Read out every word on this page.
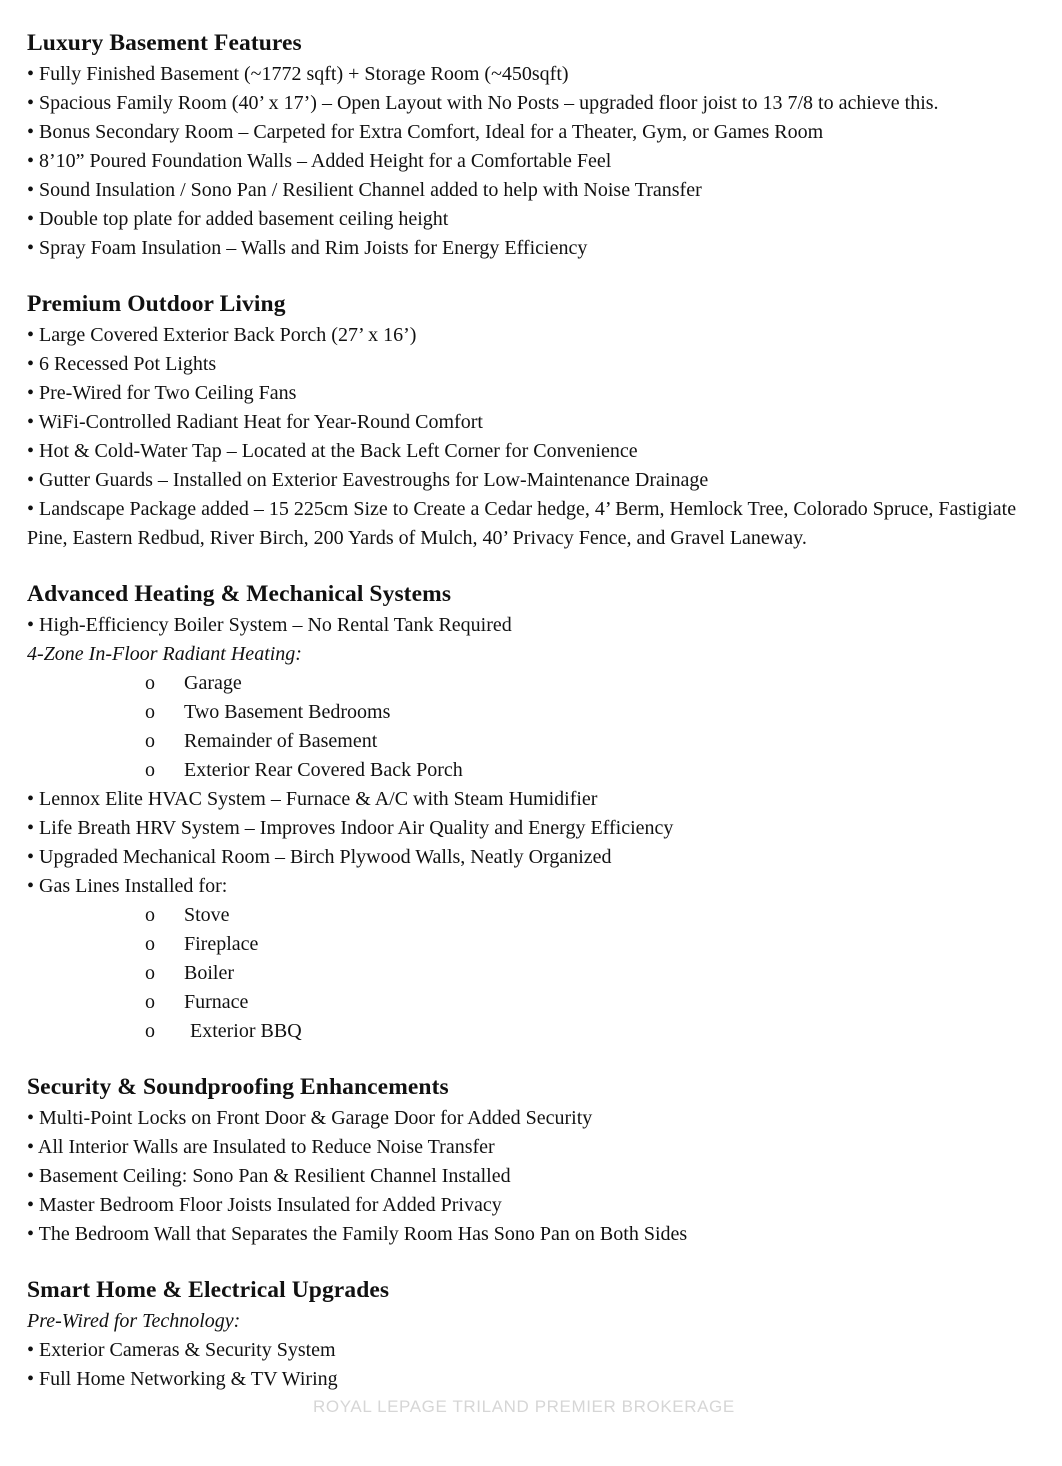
Luxury Basement Features

• Fully Finished Basement (~1772 sqft) + Storage Room (~450sqft)

• Spacious Family Room (40’ x 17’) – Open Layout with No Posts – upgraded floor joist to 13 7/8 to achieve this.

• Bonus Secondary Room – Carpeted for Extra Comfort, Ideal for a Theater, Gym, or Games Room

• 8’10” Poured Foundation Walls – Added Height for a Comfortable Feel

• Sound Insulation / Sono Pan / Resilient Channel added to help with Noise Transfer

• Double top plate for added basement ceiling height

• Spray Foam Insulation – Walls and Rim Joists for Energy Efficiency

Premium Outdoor Living

• Large Covered Exterior Back Porch (27’ x 16’)

• 6 Recessed Pot Lights

• Pre-Wired for Two Ceiling Fans

• WiFi-Controlled Radiant Heat for Year-Round Comfort

• Hot & Cold-Water Tap – Located at the Back Left Corner for Convenience

• Gutter Guards – Installed on Exterior Eavestroughs for Low-Maintenance Drainage

• Landscape Package added – 15 225cm Size to Create a Cedar hedge, 4’ Berm, Hemlock Tree, Colorado Spruce, Fastigiate Pine, Eastern Redbud, River Birch, 200 Yards of Mulch, 40’ Privacy Fence, and Gravel Laneway.

Advanced Heating & Mechanical Systems

• High-Efficiency Boiler System – No Rental Tank Required

4-Zone In-Floor Radiant Heating:

o Garage

o Two Basement Bedrooms

o Remainder of Basement

o Exterior Rear Covered Back Porch

• Lennox Elite HVAC System – Furnace & A/C with Steam Humidifier

• Life Breath HRV System – Improves Indoor Air Quality and Energy Efficiency

• Upgraded Mechanical Room – Birch Plywood Walls, Neatly Organized

• Gas Lines Installed for:

o Stove

o Fireplace

o Boiler

o Furnace

o Exterior BBQ

Security & Soundproofing Enhancements

• Multi-Point Locks on Front Door & Garage Door for Added Security

• All Interior Walls are Insulated to Reduce Noise Transfer

• Basement Ceiling: Sono Pan & Resilient Channel Installed

• Master Bedroom Floor Joists Insulated for Added Privacy

• The Bedroom Wall that Separates the Family Room Has Sono Pan on Both Sides

Smart Home & Electrical Upgrades

Pre-Wired for Technology:

• Exterior Cameras & Security System

• Full Home Networking & TV Wiring

ROYAL LEPAGE TRILAND PREMIER BROKERAGE
